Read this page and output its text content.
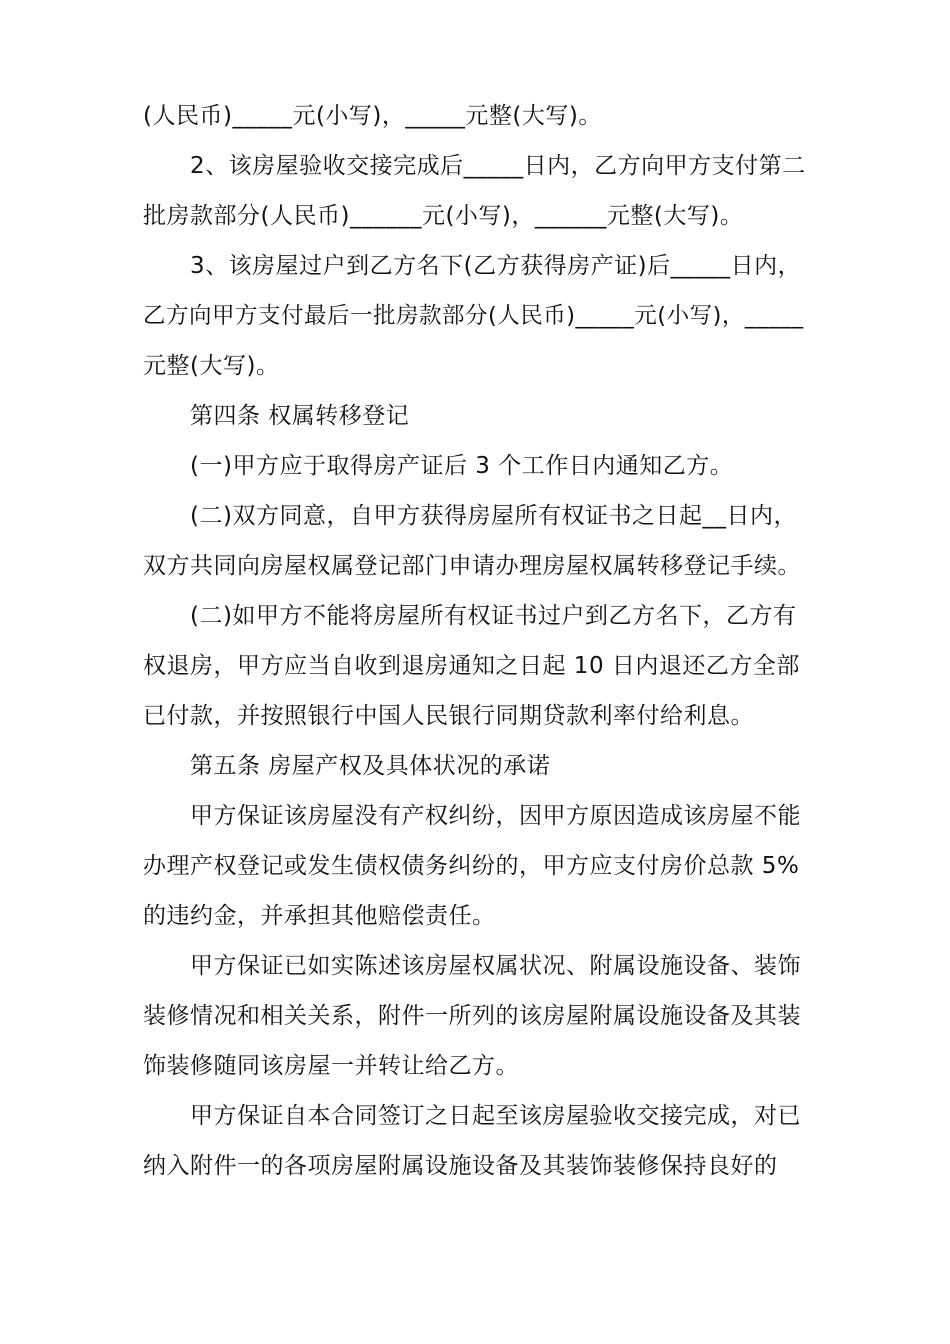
(人民币)_____元(小写)，_____元整(大写)。
2、该房屋验收交接完成后_____日内，乙方向甲方支付第二
批房款部分(人民币)______元(小写)，______元整(大写)。
3、该房屋过户到乙方名下(乙方获得房产证)后_____日内，
乙方向甲方支付最后一批房款部分(人民币)_____元(小写)，_____
元整(大写)。
第四条 权属转移登记
(一)甲方应于取得房产证后 3 个工作日内通知乙方。
(二)双方同意，自甲方获得房屋所有权证书之日起__日内，
双方共同向房屋权属登记部门申请办理房屋权属转移登记手续。
(二)如甲方不能将房屋所有权证书过户到乙方名下，乙方有
权退房，甲方应当自收到退房通知之日起 10 日内退还乙方全部
已付款，并按照银行中国人民银行同期贷款利率付给利息。
第五条 房屋产权及具体状况的承诺
甲方保证该房屋没有产权纠纷，因甲方原因造成该房屋不能
办理产权登记或发生债权债务纠纷的，甲方应支付房价总款 5%
的违约金，并承担其他赔偿责任。
甲方保证已如实陈述该房屋权属状况、附属设施设备、装饰
装修情况和相关关系，附件一所列的该房屋附属设施设备及其装
饰装修随同该房屋一并转让给乙方。
甲方保证自本合同签订之日起至该房屋验收交接完成，对已
纳入附件一的各项房屋附属设施设备及其装饰装修保持良好的
